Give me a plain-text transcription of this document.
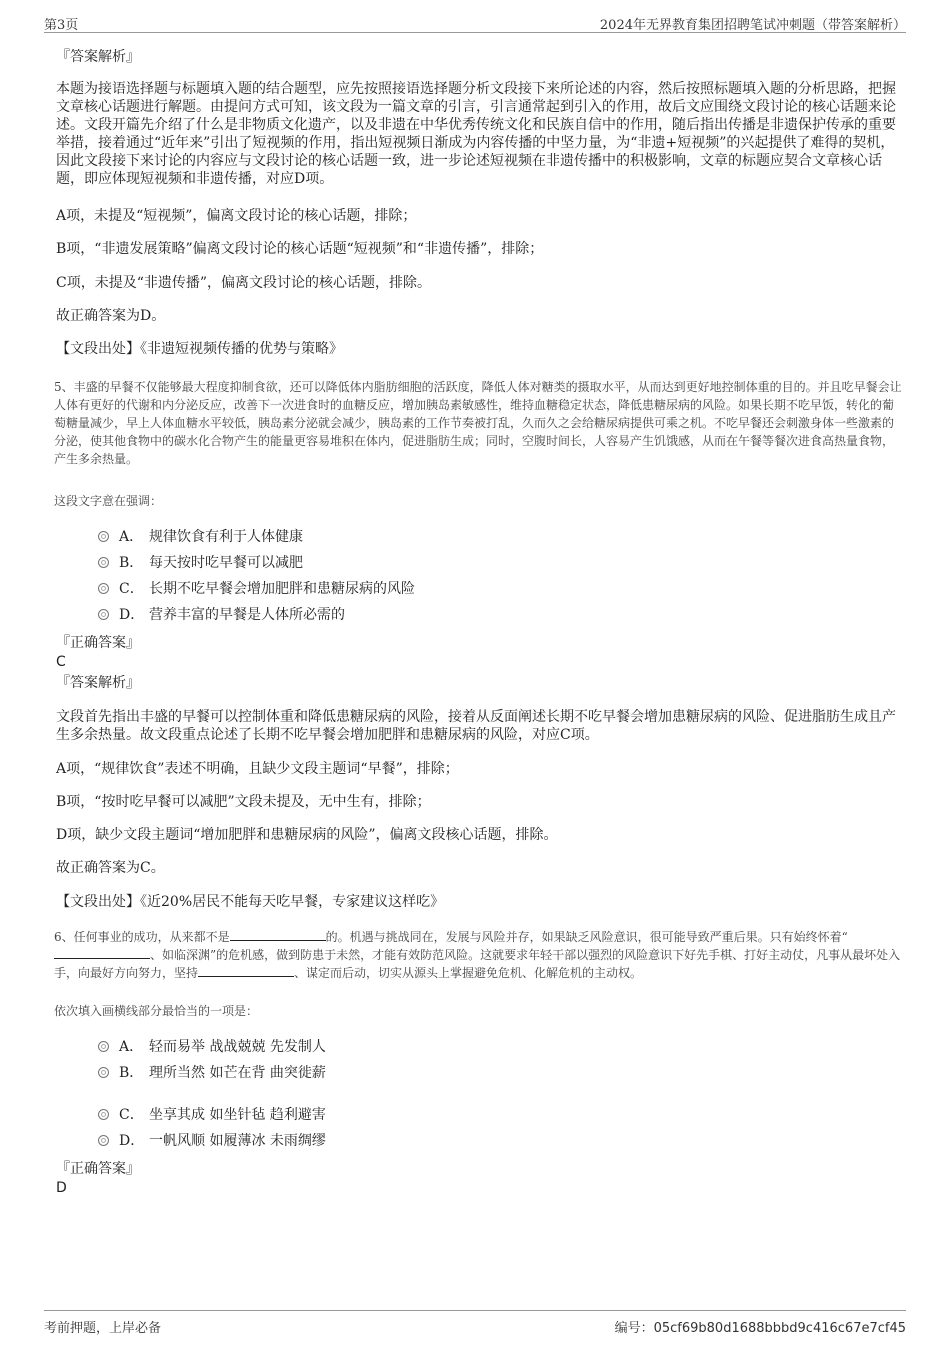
第3页	2024年无界教育集团招聘笔试冲刺题（带答案解析）
『答案解析』
本题为接语选择题与标题填入题的结合题型，应先按照接语选择题分析文段接下来所论述的内容，然后按照标题填入题的分析思路，把握文章核心话题进行解题。由提问方式可知，该文段为一篇文章的引言，引言通常起到引入的作用，故后文应围绕文段讨论的核心话题来论述。文段开篇先介绍了什么是非物质文化遗产，以及非遗在中华优秀传统文化和民族自信中的作用，随后指出传播是非遗保护传承的重要举措，接着通过“近年来”引出了短视频的作用，指出短视频日渐成为内容传播的中坚力量，为“非遗+短视频”的兴起提供了难得的契机，因此文段接下来讨论的内容应与文段讨论的核心话题一致，进一步论述短视频在非遗传播中的积极影响，文章的标题应契合文章核心话题，即应体现短视频和非遗传播，对应D项。
A项，未提及“短视频”，偏离文段讨论的核心话题，排除；
B项，“非遗发展策略”偏离文段讨论的核心话题“短视频”和“非遗传播”，排除；
C项，未提及“非遗传播”，偏离文段讨论的核心话题，排除。
故正确答案为D。
【文段出处】《非遗短视频传播的优势与策略》
5、丰盛的早餐不仅能够最大程度抑制食欲，还可以降低体内脂肪细胞的活跃度，降低人体对糖类的摄取水平，从而达到更好地控制体重的目的。并且吃早餐会让人体有更好的代谢和内分泌反应，改善下一次进食时的血糖反应，增加胰岛素敏感性，维持血糖稳定状态，降低患糖尿病的风险。如果长期不吃早饭，转化的葡萄糖量减少，早上人体血糖水平较低，胰岛素分泌就会减少，胰岛素的工作节奏被打乱，久而久之会给糖尿病提供可乘之机。不吃早餐还会刺激身体一些激素的分泌，使其他食物中的碳水化合物产生的能量更容易堆积在体内，促进脂肪生成；同时，空腹时间长，人容易产生饥饿感，从而在午餐等餐次进食高热量食物，产生多余热量。
这段文字意在强调：
A． 规律饮食有利于人体健康
B． 每天按时吃早餐可以减肥
C． 长期不吃早餐会增加肥胖和患糖尿病的风险
D． 营养丰富的早餐是人体所必需的
『正确答案』
C
『答案解析』
文段首先指出丰盛的早餐可以控制体重和降低患糖尿病的风险，接着从反面阐述长期不吃早餐会增加患糖尿病的风险、促进脂肪生成且产生多余热量。故文段重点论述了长期不吃早餐会增加肥胖和患糖尿病的风险，对应C项。
A项，“规律饮食”表述不明确，且缺少文段主题词“早餐”，排除；
B项，“按时吃早餐可以减肥”文段未提及，无中生有，排除；
D项，缺少文段主题词“增加肥胖和患糖尿病的风险”，偏离文段核心话题，排除。
故正确答案为C。
【文段出处】《近20%居民不能每天吃早餐，专家建议这样吃》
6、任何事业的成功，从来都不是	的。机遇与挑战同在，发展与风险并存，如果缺乏风险意识，很可能导致严重后果。只有始终怀着“、如临深渊”的危机感，做到防患于未然，才能有效防范风险。这就要求年轻干部以强烈的风险意识下好先手棋、打好主动仗，凡事从最坏处入手，向最好方向努力，坚持	、谋定而后动，切实从源头上掌握避免危机、化解危机的主动权。
依次填入画横线部分最恰当的一项是：
A． 轻而易举 战战兢兢 先发制人
B． 理所当然 如芒在背 曲突徙薪
C． 坐享其成 如坐针毡 趋利避害
D． 一帆风顺 如履薄冰 未雨绸缪
『正确答案』
D
考前押题，上岸必备	编号：05cf69b80d1688bbbd9c416c67e7cf45
